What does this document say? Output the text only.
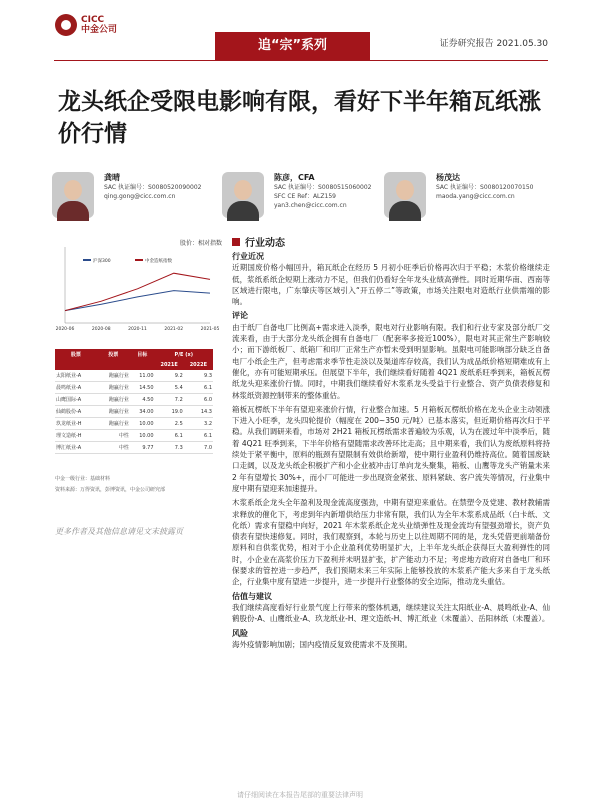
CICC
中金公司
追“宗”系列	证券研究报告 2021.05.30
龙头纸企受限电影响有限，看好下半年箱瓦纸涨价行情
龚晴
SAC 执证编号：S0080520090002
qing.gong@cicc.com.cn
陈彦，CFA
SAC 执证编号：S0080515060002
SFC CE Ref：ALZ159
yan3.chen@cicc.com.cn
杨茂达
SAC 执证编号：S0080120070150
maoda.yang@cicc.com.cn
股价：相对指数
沪深300	中金造纸指数
2020-06	2020-08	2020-11	2021-02	2021-05
股票	投票	目标	P/E (x)	
			2021E	2022E
太阳纸业-A	跑赢行业	11.00	9.2	9.3
晨鸣纸业-A	跑赢行业	14.50	5.4	6.1
山鹰国际-A	跑赢行业	4.50	7.2	6.0
仙鹤股份-A	跑赢行业	34.00	19.0	14.3
玖龙纸业-H	跑赢行业	10.00	2.5	3.2
理文造纸-H	中性	10.00	6.1	6.1
博汇纸业-A	中性	9.77	7.3	7.0
中金一级行业：基础材料
资料来源：万得资讯，彭博资讯，中金公司研究部
更多作者及其他信息请见文末披露页
行业动态
行业近况

近期国废价格小幅回升，箱瓦纸企在经历 5 月初小旺季后价格再次归于平稳；木浆价格继续走低，浆纸系纸企短期上涨动力不足，但我们仍看好全年龙头业绩高弹性。同时近期华南、西南等区域进行限电，广东肇庆等区域引入“开五停二”等政策，市场关注限电对造纸行业供需端的影响。

评论

由于纸厂自备电厂比例高+需求进入淡季，限电对行业影响有限。我们和行业专家及部分纸厂交流来看，由于大部分龙头纸企拥有自备电厂（配套率多接近100%），限电对其正常生产影响较小；而下游纸板厂、纸箱厂和印厂正常生产亦暂未受到明显影响。虽限电可能影响部分缺乏自备电厂小纸企生产，但考虑需求季节性走淡以及渠道库存较高，我们认为成品纸价格短期难成有上催化，亦有可能短期承压。但展望下半年，我们继续看好随着 4Q21 废纸系旺季到来，箱板瓦楞纸龙头迎来涨价行情。同时，中期我们继续看好木浆系龙头受益于行业整合、资产负债表修复和林浆纸资源控制带来的整体重估。

箱板瓦楞纸下半年有望迎来涨价行情，行业整合加速。5 月箱板瓦楞纸价格在龙头企业主动领涨下进入小旺季，龙头四轮提价（幅度在 200~350 元/吨）已基本落实，但近期价格再次归于平稳。从我们调研来看，市场对 2H21 箱板瓦楞纸需求普遍较为乐观，认为在渡过年中淡季后，随着 4Q21 旺季到来，下半年价格有望随需求改善环比走高；且中期来看，我们认为废纸原料将持续处于紧平衡中，原料的瓶颈有望限制有效供给新增，使中期行业盈利仍维持高位。随着国废缺口走阔，以及龙头纸企积极扩产和小企业被冲击订单向龙头聚集，箱板、山鹰等龙头产销量未来 2 年有望增长 30%+，而小厂可能进一步出现资金紧张、原料紧缺、客户流失等情况，行业集中度中期有望迎来加速提升。

木浆系纸企龙头全年盈利及现金流高度强劲，中期有望迎来重估。在禁塑令及党建、教材教辅需求释放的催化下，考虑到年内新增供给压力非常有限，我们认为全年木浆系成品纸（白卡纸、文化纸）需求有望稳中向好，2021 年木浆系纸企龙头业绩弹性及现金流均有望强劲增长，资产负债表有望快速修复。同时，我们观察到，本轮与历史上以往周期不同的是，龙头凭借更前端备份原料和自供浆优势，相对于小企业盈利优势明显扩大，上半年龙头纸企获得巨大盈利弹性的同时，小企业在高浆价压力下盈利并未明显扩张，扩产能动力不足；考虑地方政府对自备电厂和环保要求的管控进一步趋严，我们预期未来三年实际上能够投放的木浆系产能大多来自于龙头纸企，行业集中度有望进一步提升，进一步提升行业整体的安全边际，推动龙头重估。

估值与建议

我们继续高度看好行业景气度上行带来的整体机遇，继续建议关注太阳纸业-A、晨鸣纸业-A、仙鹤股份-A、山鹰纸业-A、玖龙纸业-H、理文造纸-H、博汇纸业（未覆盖）、岳阳林纸（未覆盖）。

风险

海外疫情影响加剧；国内疫情反复致使需求不及预期。

请仔细阅读在本报告尾部的重要法律声明
